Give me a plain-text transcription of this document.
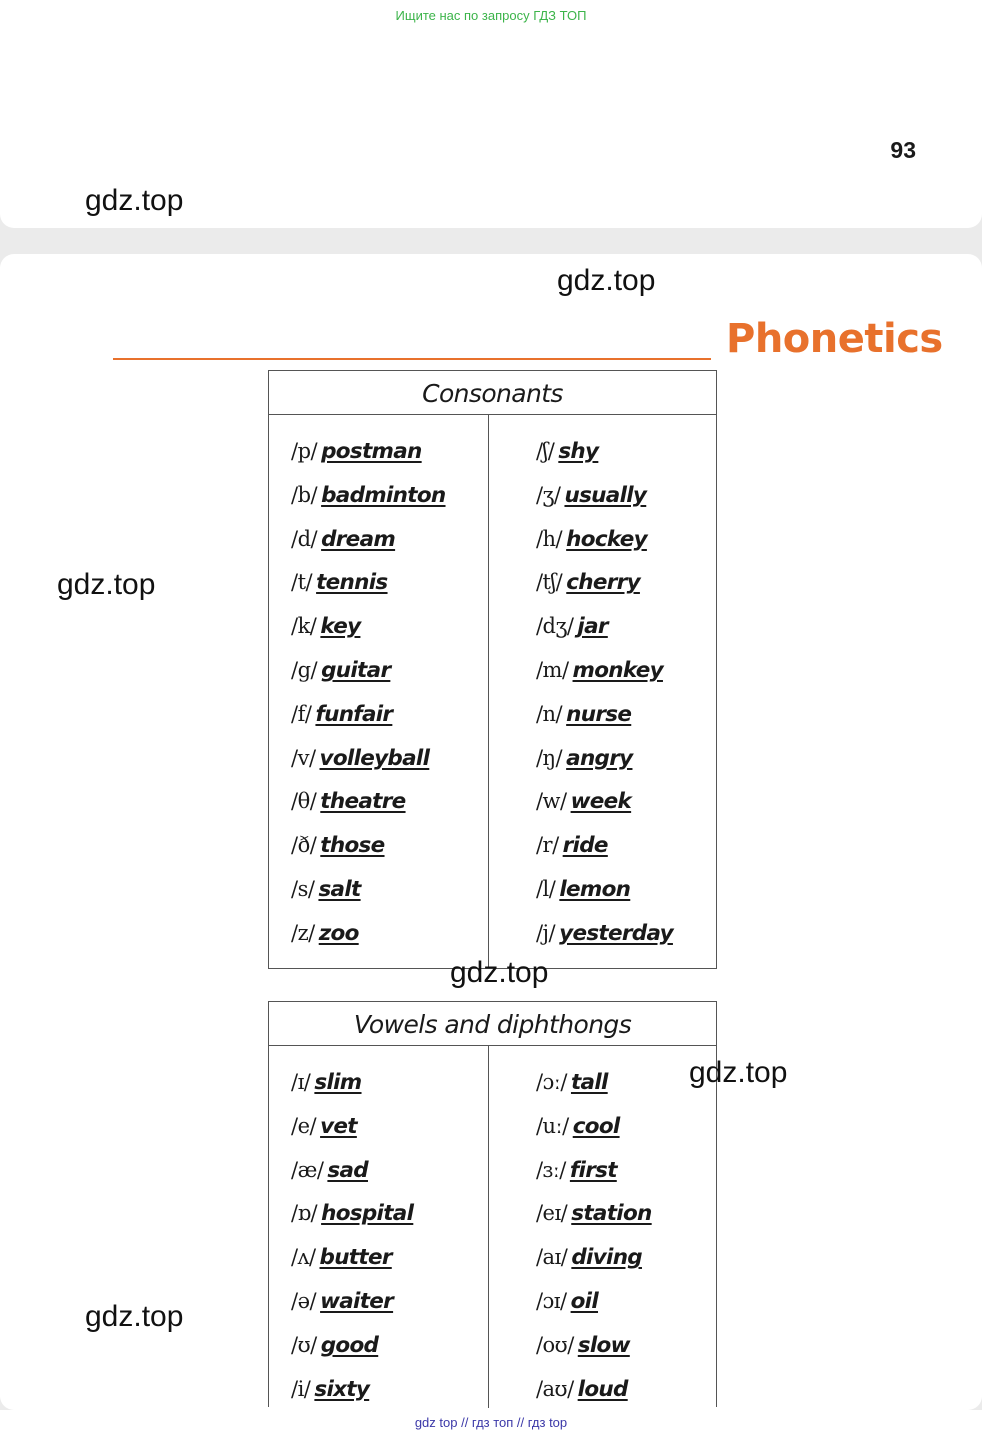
Ищите нас по запросу ГДЗ ТОП
93
gdz.top
gdz.top
Phonetics
Consonants
/p/ postman
/b/ badminton
/d/ dream
/t/ tennis
/k/ key
/g/ guitar
/f/ funfair
/v/ volleyball
/θ/ theatre
/ð/ those
/s/ salt
/z/ zoo
/ʃ/ shy
/ʒ/ usually
/h/ hockey
/tʃ/ cherry
/dʒ/ jar
/m/ monkey
/n/ nurse
/ŋ/ angry
/w/ week
/r/ ride
/l/ lemon
/j/ yesterday
gdz.top
Vowels and diphthongs
/ɪ/ slim
/e/ vet
/æ/ sad
/ɒ/ hospital
/ʌ/ butter
/ə/ waiter
/ʊ/ good
/i/ sixty
/ɔː/ tall
/uː/ cool
/ɜː/ first
/eɪ/ station
/aɪ/ diving
/ɔɪ/ oil
/oʊ/ slow
/aʊ/ loud
gdz.top
gdz.top
gdz.top
gdz top // гдз топ // гдз top
